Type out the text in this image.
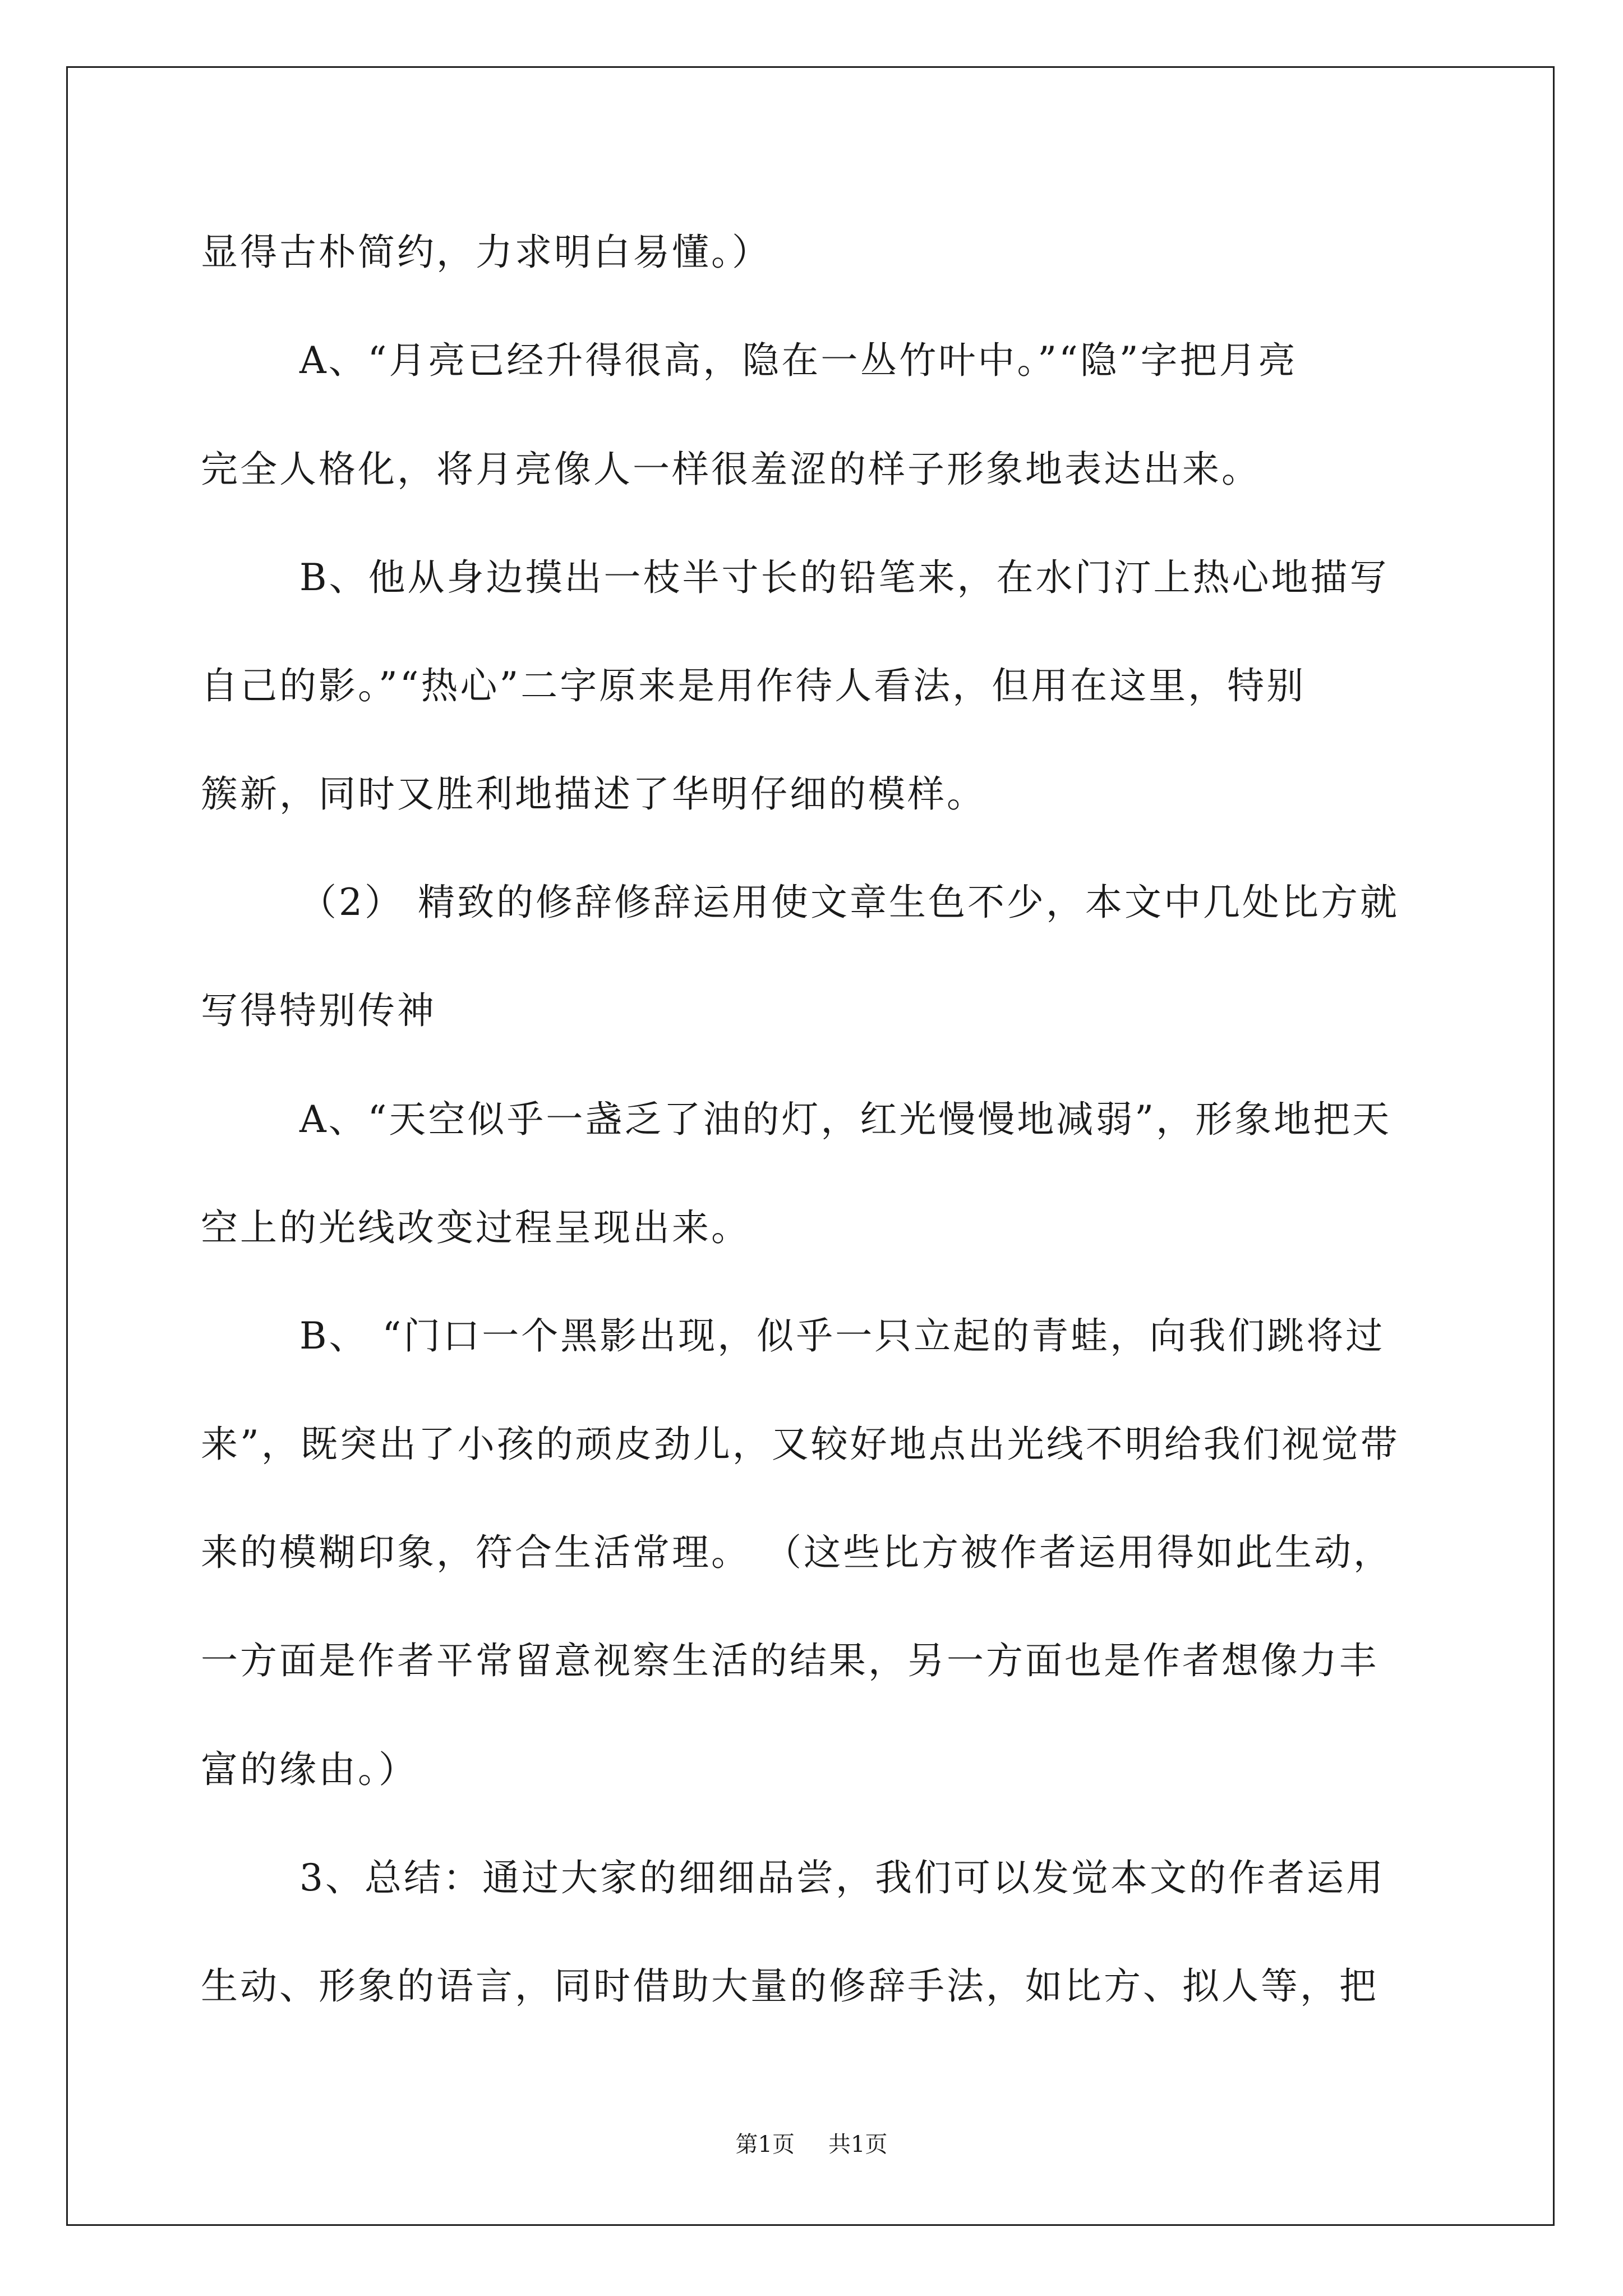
显得古朴简约，力求明白易懂。）

A、“月亮已经升得很高，隐在一丛竹叶中。”“隐”字把月亮

完全人格化，将月亮像人一样很羞涩的样子形象地表达出来。

B、他从身边摸出一枝半寸长的铅笔来，在水门汀上热心地描写

自己的影。”“热心”二字原来是用作待人看法，但用在这里，特别

簇新，同时又胜利地描述了华明仔细的模样。

（2） 精致的修辞修辞运用使文章生色不少，本文中几处比方就

写得特别传神

A、“天空似乎一盏乏了油的灯，红光慢慢地减弱”，形象地把天

空上的光线改变过程呈现出来。

B、 “门口一个黑影出现，似乎一只立起的青蛙，向我们跳将过

来”，既突出了小孩的顽皮劲儿，又较好地点出光线不明给我们视觉带

来的模糊印象，符合生活常理。 （这些比方被作者运用得如此生动，

一方面是作者平常留意视察生活的结果，另一方面也是作者想像力丰

富的缘由。）

3、总结：通过大家的细细品尝，我们可以发觉本文的作者运用

生动、形象的语言，同时借助大量的修辞手法，如比方、拟人等，把

第1页 共1页
